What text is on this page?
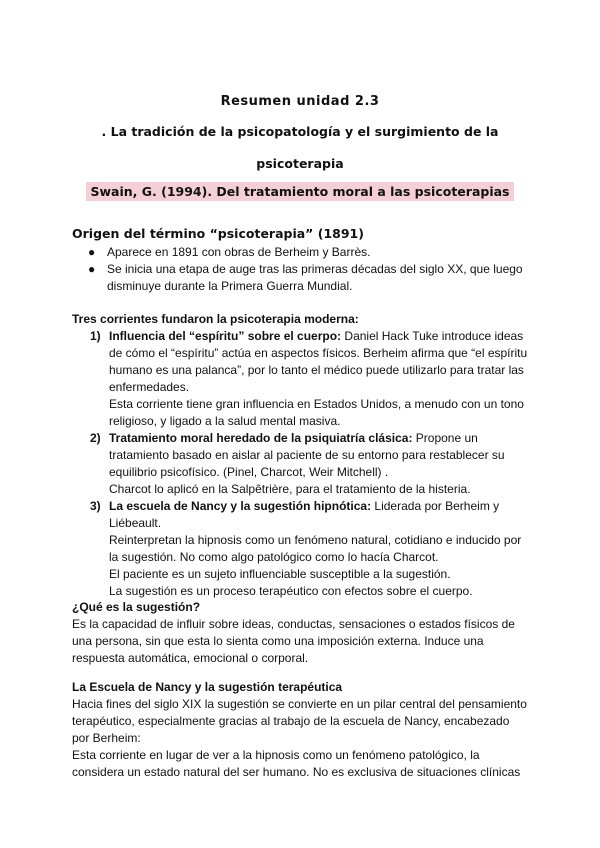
Resumen unidad 2.3
. La tradición de la psicopatología y el surgimiento de la
psicoterapia
Swain, G. (1994). Del tratamiento moral a las psicoterapias
Origen del término “psicoterapia” (1891)
● Aparece en 1891 con obras de Berheim y Barrès.
● Se inicia una etapa de auge tras las primeras décadas del siglo XX, que luego disminuye durante la Primera Guerra Mundial.
Tres corrientes fundaron la psicoterapia moderna:
1) Influencia del “espíritu” sobre el cuerpo: Daniel Hack Tuke introduce ideas de cómo el “espíritu” actúa en aspectos físicos. Berheim afirma que “el espíritu humano es una palanca”, por lo tanto el médico puede utilizarlo para tratar las enfermedades.
Esta corriente tiene gran influencia en Estados Unidos, a menudo con un tono religioso, y ligado a la salud mental masiva.
2) Tratamiento moral heredado de la psiquiatría clásica: Propone un tratamiento basado en aislar al paciente de su entorno para restablecer su equilibrio psicofísico. (Pinel, Charcot, Weir Mitchell) .
Charcot lo aplicó en la Salpêtrière, para el tratamiento de la histeria.
3) La escuela de Nancy y la sugestión hipnótica: Liderada por Berheim y Liébeault.
Reinterpretan la hipnosis como un fenómeno natural, cotidiano e inducido por la sugestión. No como algo patológico como lo hacía Charcot.
El paciente es un sujeto influenciable susceptible a la sugestión.
La sugestión es un proceso terapéutico con efectos sobre el cuerpo.
¿Qué es la sugestión?

Es la capacidad de influir sobre ideas, conductas, sensaciones o estados físicos de una persona, sin que esta lo sienta como una imposición externa. Induce una respuesta automática, emocional o corporal.

La Escuela de Nancy y la sugestión terapéutica

Hacia fines del siglo XIX la sugestión se convierte en un pilar central del pensamiento terapéutico, especialmente gracias al trabajo de la escuela de Nancy, encabezado por Berheim:

Esta corriente en lugar de ver a la hipnosis como un fenómeno patológico, la considera un estado natural del ser humano. No es exclusiva de situaciones clínicas
